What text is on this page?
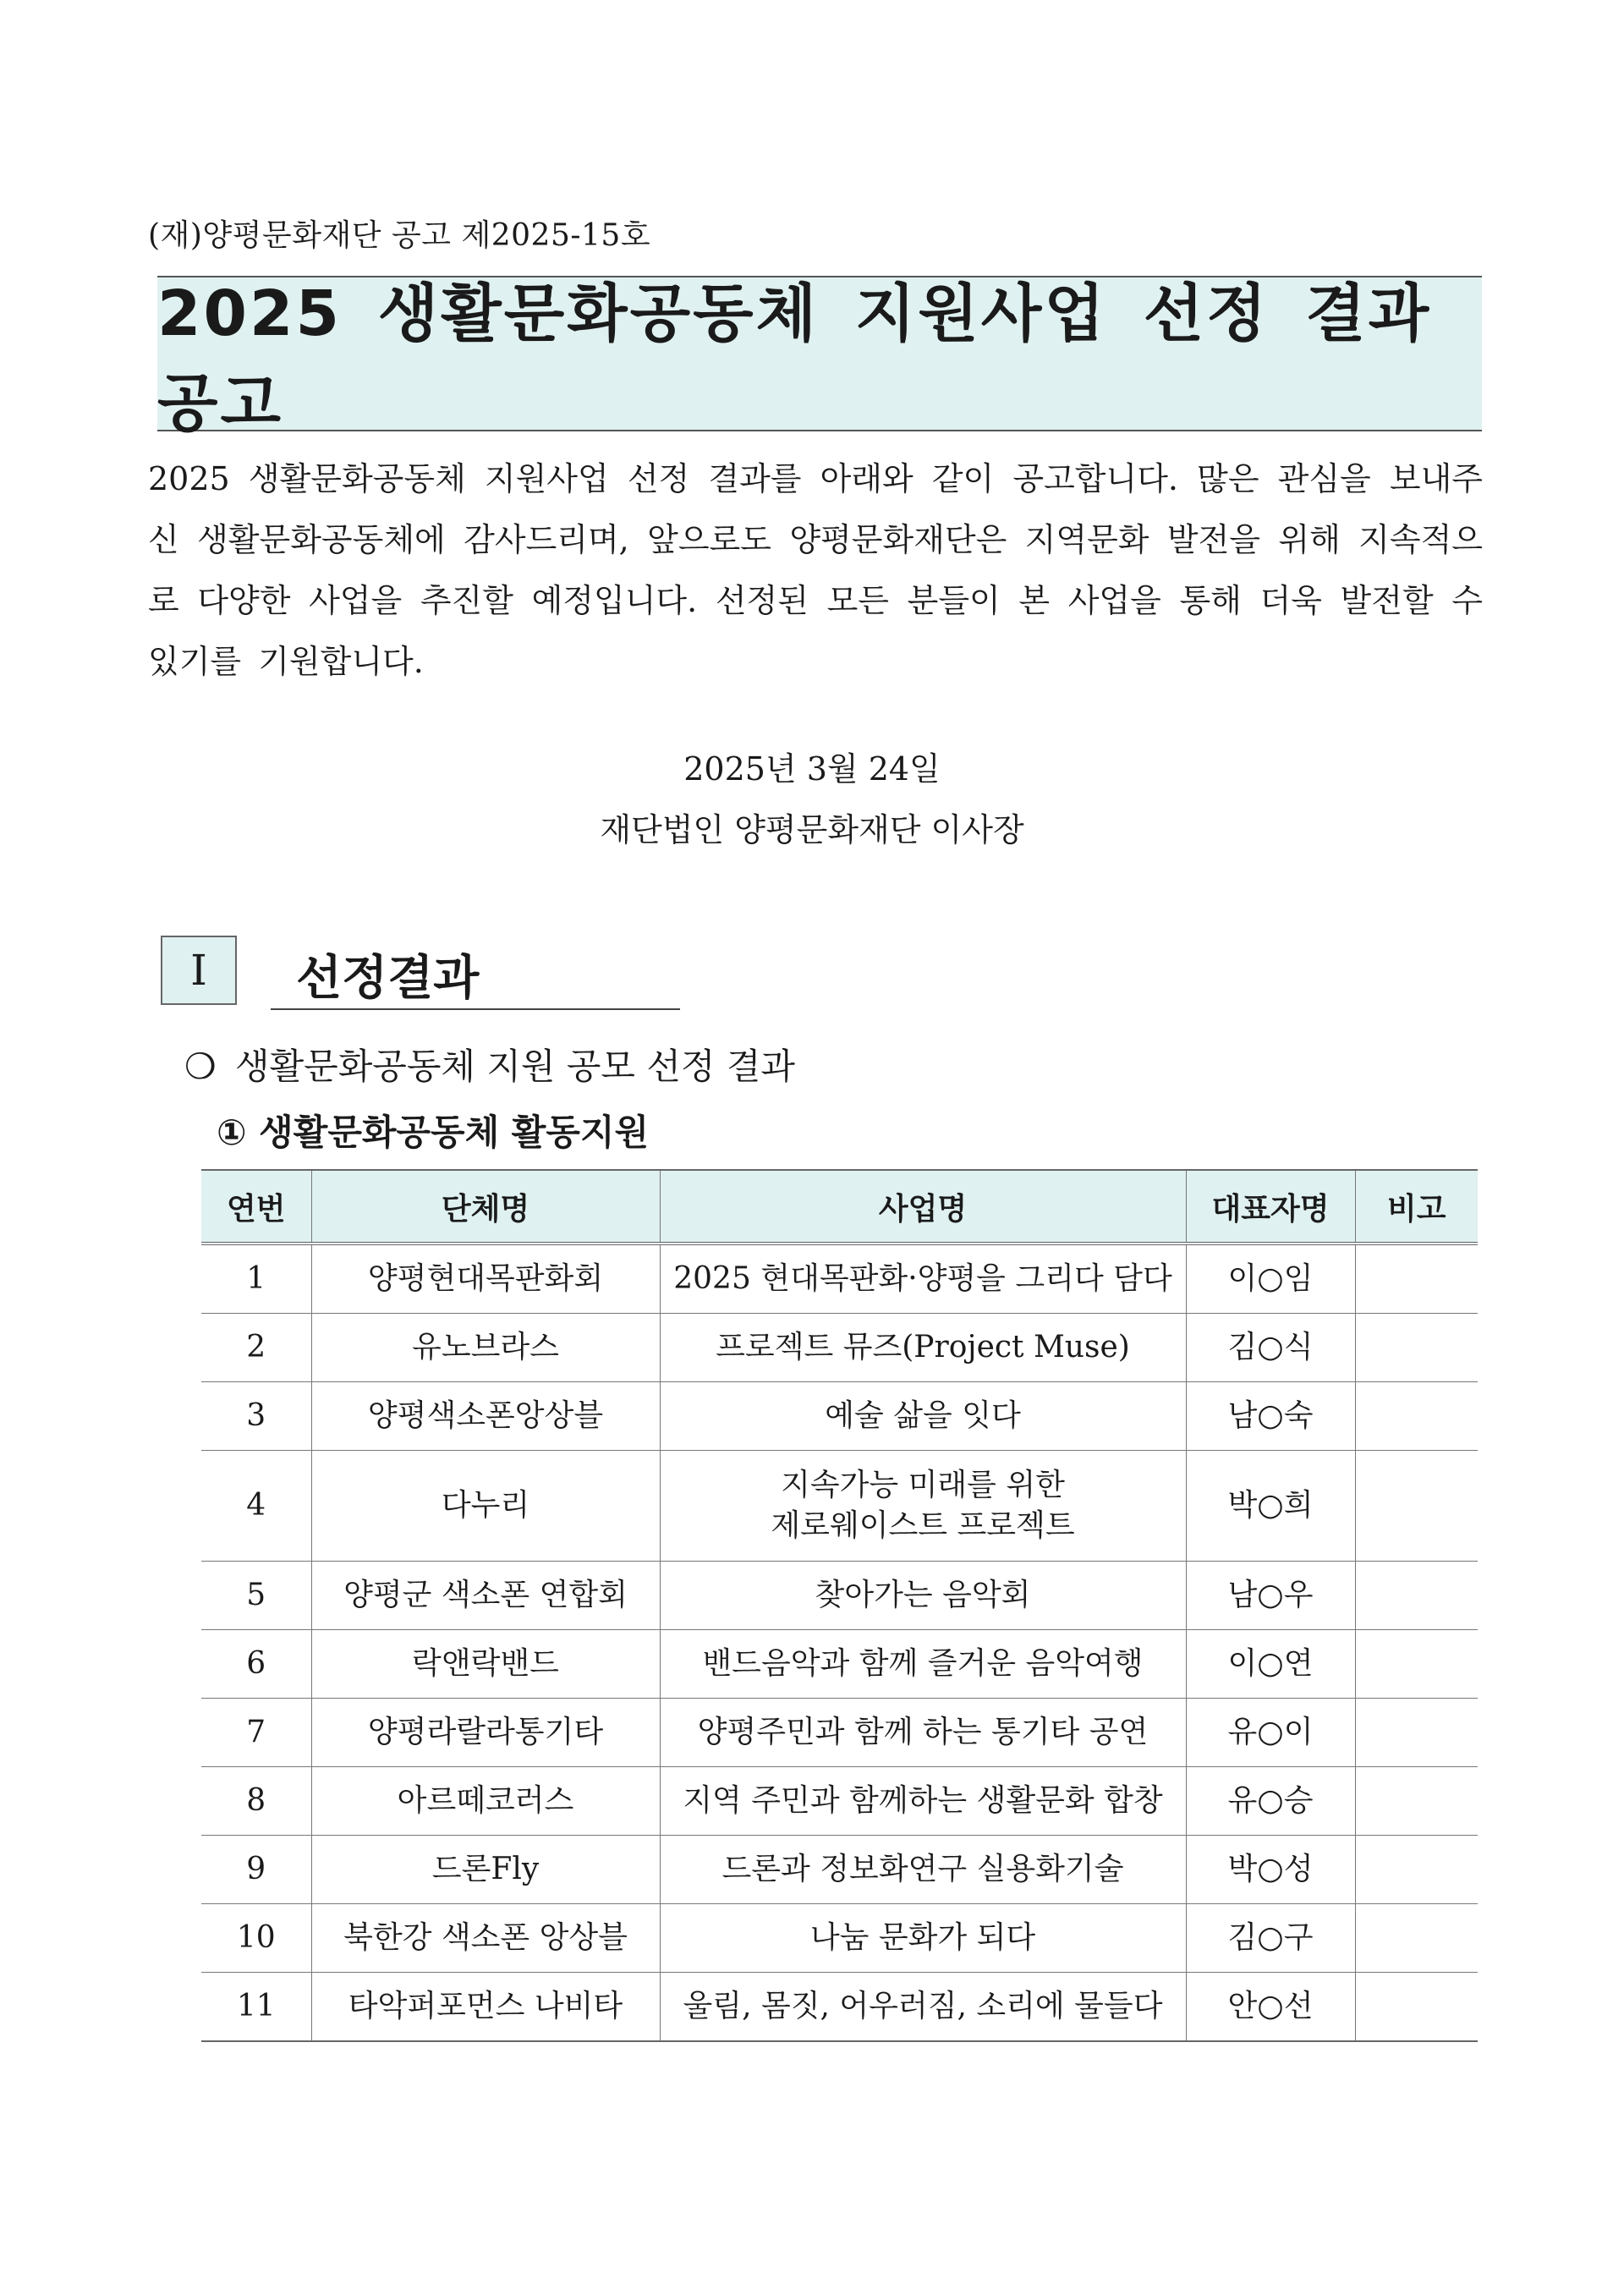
(재)양평문화재단 공고 제2025-15호
2025 생활문화공동체 지원사업 선정 결과 공고

2025 생활문화공동체 지원사업 선정 결과를 아래와 같이 공고합니다. 많은 관심을 보내주신 생활문화공동체에 감사드리며, 앞으로도 양평문화재단은 지역문화 발전을 위해 지속적으로 다양한 사업을 추진할 예정입니다. 선정된 모든 분들이 본 사업을 통해 더욱 발전할 수 있기를 기원합니다.

2025년 3월 24일
재단법인 양평문화재단 이사장
Ⅰ	선정결과
❍ 생활문화공동체 지원 공모 선정 결과
① 생활문화공동체 활동지원
연번	단체명	사업명	대표자명	비고
1	양평현대목판화회	2025 현대목판화·양평을 그리다 담다	이○임	
2	유노브라스	프로젝트 뮤즈(Project Muse)	김○식	
3	양평색소폰앙상블	예술 삶을 잇다	남○숙	
4	다누리	지속가능 미래를 위한
제로웨이스트 프로젝트	박○희	
5	양평군 색소폰 연합회	찾아가는 음악회	남○우	
6	락앤락밴드	밴드음악과 함께 즐거운 음악여행	이○연	
7	양평라랄라통기타	양평주민과 함께 하는 통기타 공연	유○이	
8	아르떼코러스	지역 주민과 함께하는 생활문화 합창	유○승	
9	드론Fly	드론과 정보화연구 실용화기술	박○성	
10	북한강 색소폰 앙상블	나눔 문화가 되다	김○구	
11	타악퍼포먼스 나비타	울림, 몸짓, 어우러짐, 소리에 물들다	안○선	
